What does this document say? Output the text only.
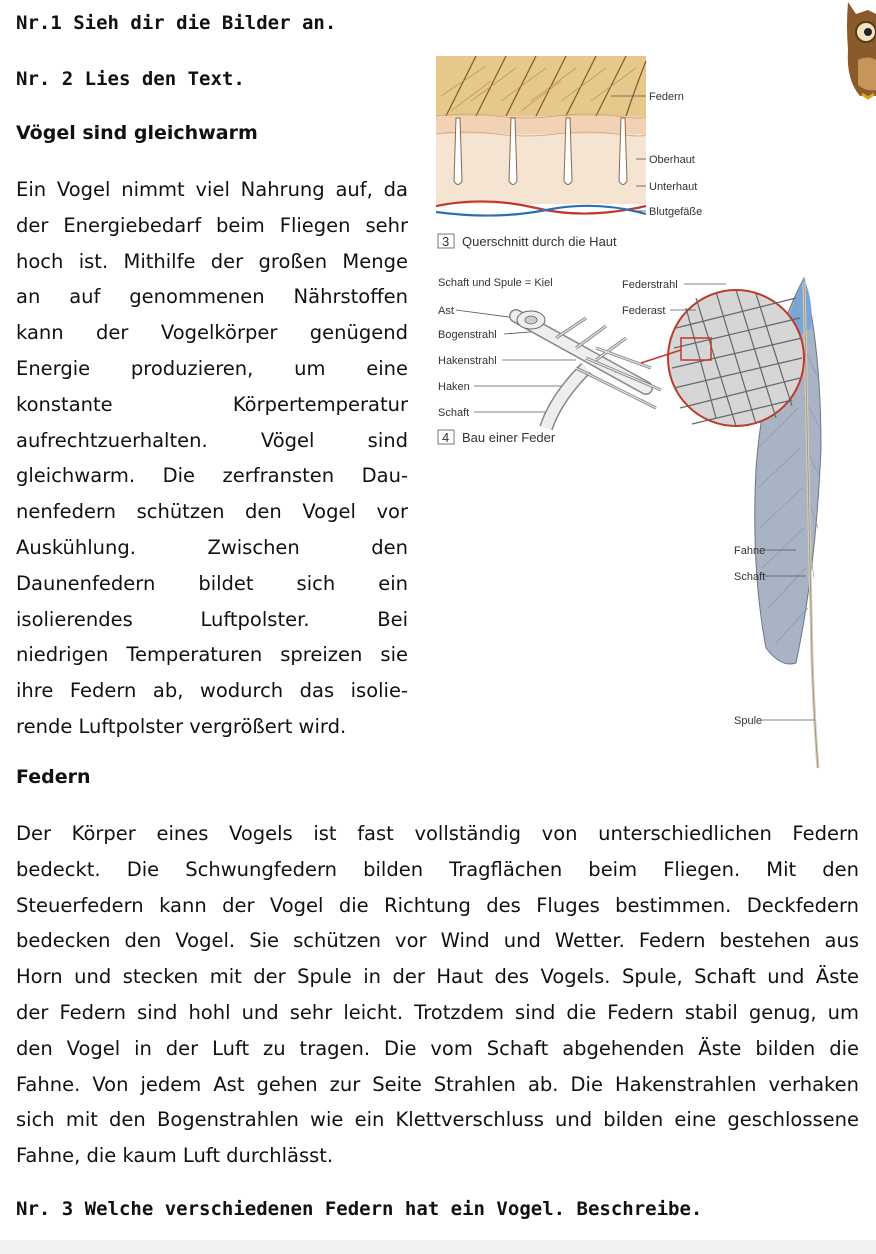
Nr.1 Sieh dir die Bilder an.
Nr. 2 Lies den Text.
Vögel sind gleichwarm
Ein Vogel nimmt viel Nahrung auf, da
der Energiebedarf beim Fliegen sehr
hoch ist. Mithilfe der großen Menge
an auf genommenen Nährstoffen
kann der Vogelkörper genügend
Energie produzieren, um eine
konstante Körpertemperatur
aufrechtzuerhalten. Vögel sind
gleichwarm. Die zerfransten Dau-
nenfedern schützen den Vogel vor
Auskühlung. Zwischen den
Daunenfedern bildet sich ein
isolierendes Luftpolster. Bei
niedrigen Temperaturen spreizen sie
ihre Federn ab, wodurch das isolie-
rende Luftpolster vergrößert wird.
Federn
Oberhaut
Unterhaut
Blutgefäße
3 Querschnitt durch die Haut
Schaft und Spule = Kiel
Ast
Bogenstrahl
Hakenstrahl
Haken
Schaft
4 Bau einer Feder
Federstrahl
Federast
Fahne
Schaft
Spule
Federn
Der Körper eines Vogels ist fast vollständig von unterschiedlichen Federn
bedeckt. Die Schwungfedern bilden Tragflächen beim Fliegen. Mit den
Steuerfedern kann der Vogel die Richtung des Fluges bestimmen. Deckfedern
bedecken den Vogel. Sie schützen vor Wind und Wetter. Federn bestehen aus
Horn und stecken mit der Spule in der Haut des Vogels. Spule, Schaft und Äste
der Federn sind hohl und sehr leicht. Trotzdem sind die Federn stabil genug, um
den Vogel in der Luft zu tragen. Die vom Schaft abgehenden Äste bilden die
Fahne. Von jedem Ast gehen zur Seite Strahlen ab. Die Hakenstrahlen verhaken
sich mit den Bogenstrahlen wie ein Klettverschluss und bilden eine geschlossene
Fahne, die kaum Luft durchlässt.
Nr. 3 Welche verschiedenen Federn hat ein Vogel. Beschreibe.
